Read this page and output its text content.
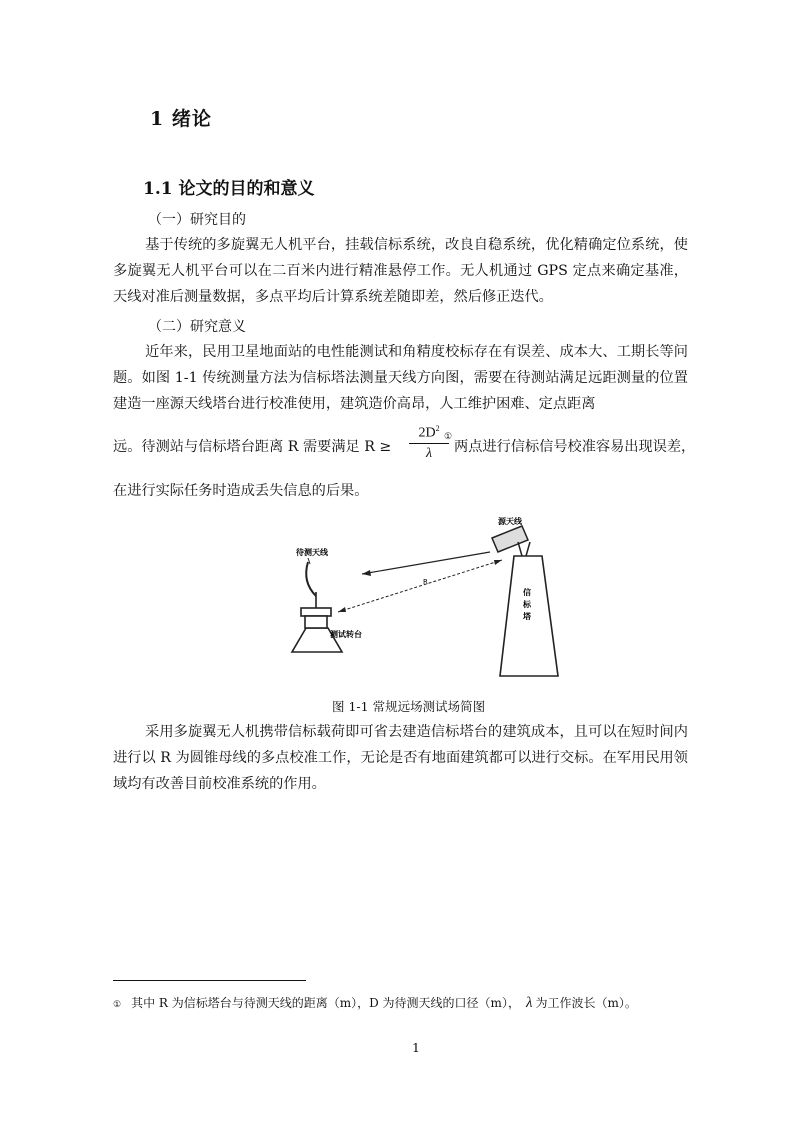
1 绪论
1.1 论文的目的和意义
（一）研究目的
基于传统的多旋翼无人机平台，挂载信标系统，改良自稳系统，优化精确定位系统，使多旋翼无人机平台可以在二百米内进行精准悬停工作。无人机通过 GPS 定点来确定基准，天线对准后测量数据，多点平均后计算系统差随即差，然后修正迭代。
（二）研究意义
近年来，民用卫星地面站的电性能测试和角精度校标存在有误差、成本大、工期长等问题。如图 1-1 传统测量方法为信标塔法测量天线方向图，需要在待测站满足远距测量的位置建造一座源天线塔台进行校准使用，建筑造价高昂，人工维护困难、定点距离
远。待测站与信标塔台距离 R 需要满足 $R \ge \frac{2D^2}{\lambda}$
①
两点进行信标信号校准容易出现误差，
在进行实际任务时造成丢失信息的后果。
信
标
塔
源天线
测试转台
待测天线
R
图 1-1 常规远场测试场简图
采用多旋翼无人机携带信标载荷即可省去建造信标塔台的建筑成本，且可以在短时间内进行以 R 为圆锥母线的多点校准工作，无论是否有地面建筑都可以进行交标。在军用民用领域均有改善目前校准系统的作用。
① 其中 R 为信标塔台与待测天线的距离（m），D 为待测天线的口径（m）， λ 为工作波长（m）。
1
